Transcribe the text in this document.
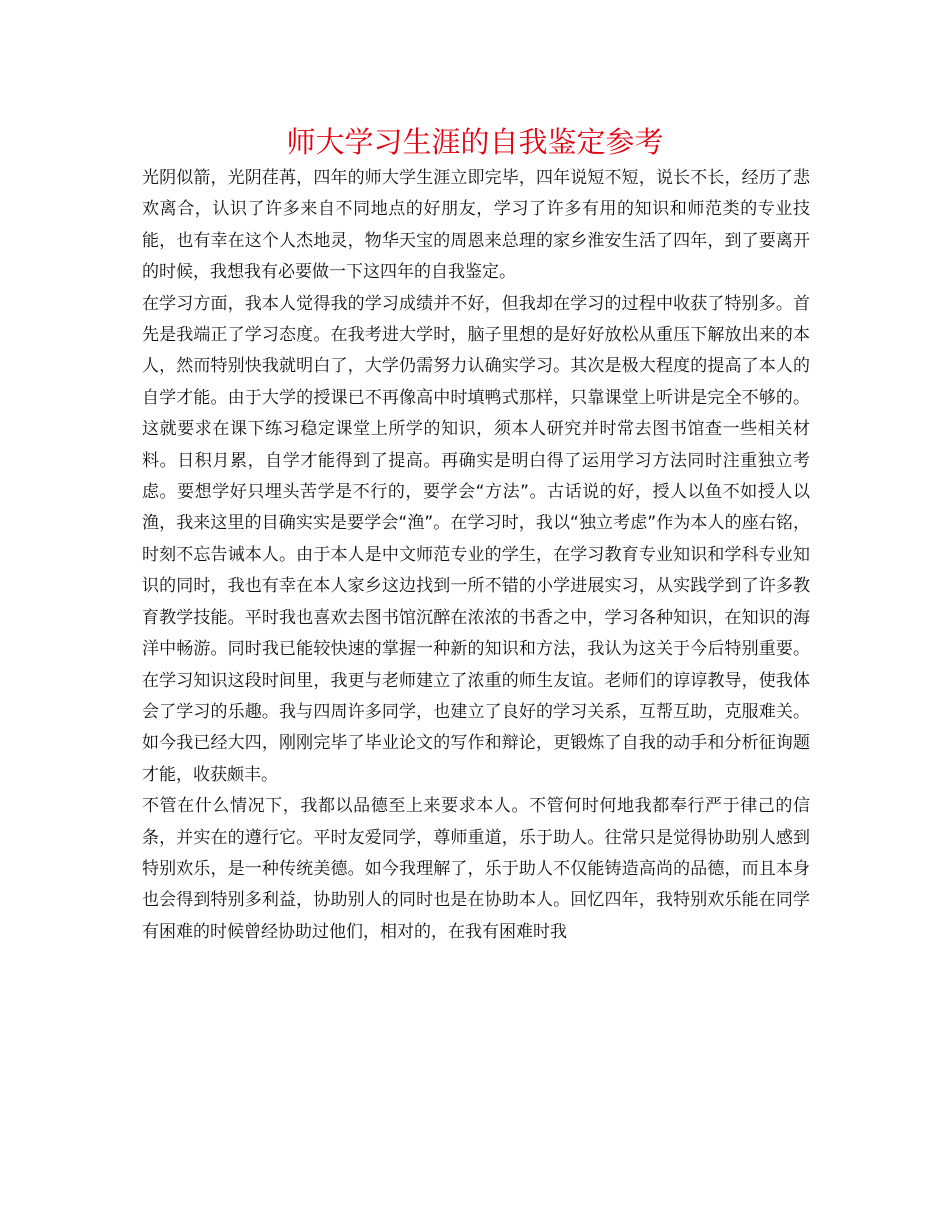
师大学习生涯的自我鉴定参考

光阴似箭，光阴荏苒，四年的师大学生涯立即完毕，四年说短不短，说长不长，经历了悲欢离合，认识了许多来自不同地点的好朋友，学习了许多有用的知识和师范类的专业技能，也有幸在这个人杰地灵，物华天宝的周恩来总理的家乡淮安生活了四年，到了要离开的时候，我想我有必要做一下这四年的自我鉴定。

在学习方面，我本人觉得我的学习成绩并不好，但我却在学习的过程中收获了特别多。首先是我端正了学习态度。在我考进大学时，脑子里想的是好好放松从重压下解放出来的本人，然而特别快我就明白了，大学仍需努力认确实学习。其次是极大程度的提高了本人的自学才能。由于大学的授课已不再像高中时填鸭式那样，只靠课堂上听讲是完全不够的。这就要求在课下练习稳定课堂上所学的知识，须本人研究并时常去图书馆查一些相关材料。日积月累，自学才能得到了提高。再确实是明白得了运用学习方法同时注重独立考虑。要想学好只埋头苦学是不行的，要学会“方法”。古话说的好，授人以鱼不如授人以渔，我来这里的目确实实是要学会“渔”。在学习时，我以“独立考虑”作为本人的座右铭，时刻不忘告诫本人。由于本人是中文师范专业的学生，在学习教育专业知识和学科专业知识的同时，我也有幸在本人家乡这边找到一所不错的小学进展实习，从实践学到了许多教育教学技能。平时我也喜欢去图书馆沉醉在浓浓的书香之中，学习各种知识，在知识的海洋中畅游。同时我已能较快速的掌握一种新的知识和方法，我认为这关于今后特别重要。在学习知识这段时间里，我更与老师建立了浓重的师生友谊。老师们的谆谆教导，使我体会了学习的乐趣。我与四周许多同学，也建立了良好的学习关系，互帮互助，克服难关。如今我已经大四，刚刚完毕了毕业论文的写作和辩论，更锻炼了自我的动手和分析征询题才能，收获颇丰。

不管在什么情况下，我都以品德至上来要求本人。不管何时何地我都奉行严于律己的信条，并实在的遵行它。平时友爱同学，尊师重道，乐于助人。往常只是觉得协助别人感到特别欢乐，是一种传统美德。如今我理解了，乐于助人不仅能铸造高尚的品德，而且本身也会得到特别多利益，协助别人的同时也是在协助本人。回忆四年，我特别欢乐能在同学有困难的时候曾经协助过他们，相对的，在我有困难时我
